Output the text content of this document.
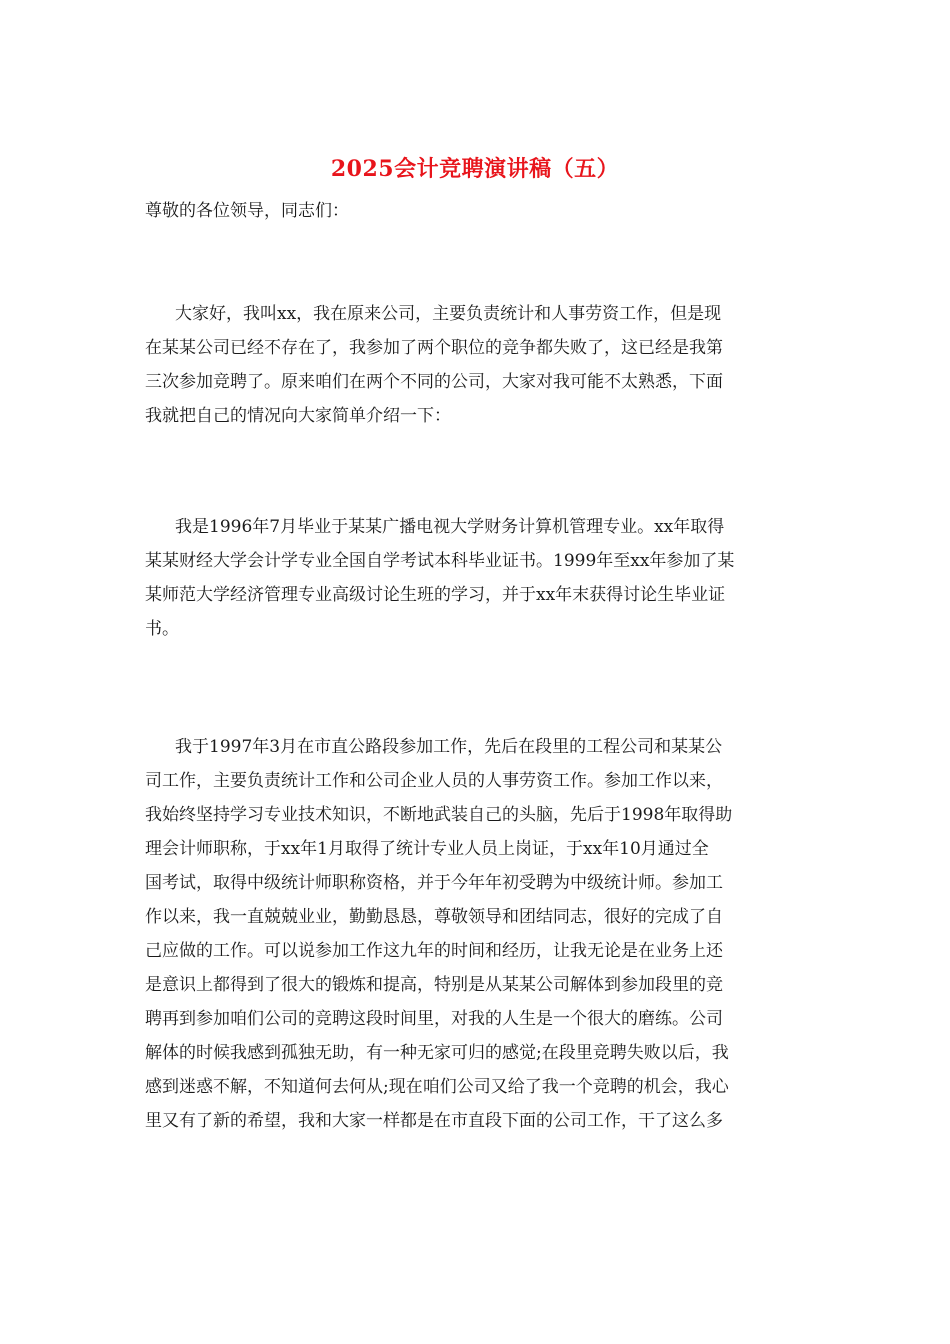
2025会计竞聘演讲稿（五）
尊敬的各位领导，同志们：
大家好，我叫xx，我在原来公司，主要负责统计和人事劳资工作，但是现
在某某公司已经不存在了，我参加了两个职位的竞争都失败了，这已经是我第
三次参加竞聘了。原来咱们在两个不同的公司，大家对我可能不太熟悉，下面
我就把自己的情况向大家简单介绍一下：
我是1996年7月毕业于某某广播电视大学财务计算机管理专业。xx年取得
某某财经大学会计学专业全国自学考试本科毕业证书。1999年至xx年参加了某
某师范大学经济管理专业高级讨论生班的学习，并于xx年末获得讨论生毕业证
书。
我于1997年3月在市直公路段参加工作，先后在段里的工程公司和某某公
司工作，主要负责统计工作和公司企业人员的人事劳资工作。参加工作以来，
我始终坚持学习专业技术知识，不断地武装自己的头脑，先后于1998年取得助
理会计师职称，于xx年1月取得了统计专业人员上岗证，于xx年10月通过全
国考试，取得中级统计师职称资格，并于今年年初受聘为中级统计师。参加工
作以来，我一直兢兢业业，勤勤恳恳，尊敬领导和团结同志，很好的完成了自
己应做的工作。可以说参加工作这九年的时间和经历，让我无论是在业务上还
是意识上都得到了很大的锻炼和提高，特别是从某某公司解体到参加段里的竞
聘再到参加咱们公司的竞聘这段时间里，对我的人生是一个很大的磨练。公司
解体的时候我感到孤独无助，有一种无家可归的感觉;在段里竞聘失败以后，我
感到迷惑不解，不知道何去何从;现在咱们公司又给了我一个竞聘的机会，我心
里又有了新的希望，我和大家一样都是在市直段下面的公司工作，干了这么多
